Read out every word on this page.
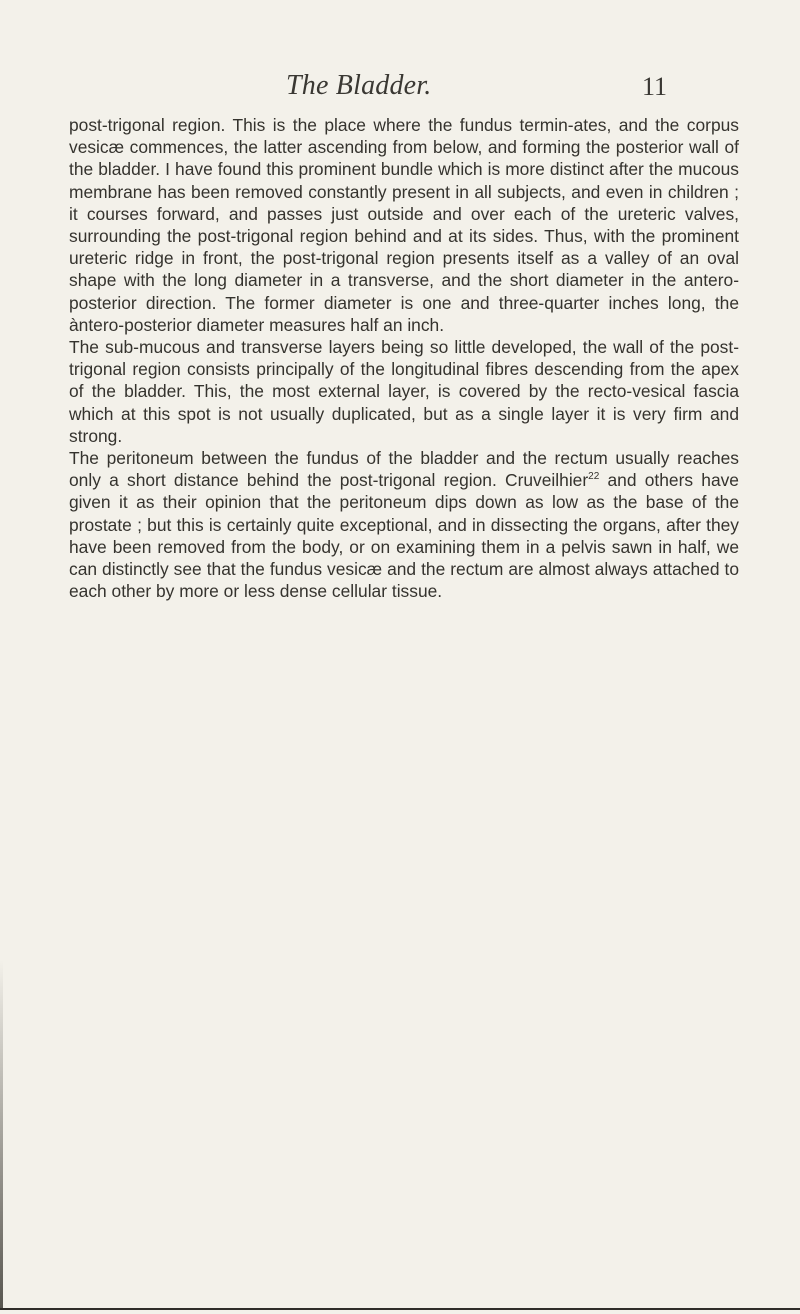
The Bladder.	11

post-trigonal region. This is the place where the fundus termin-ates, and the corpus vesicæ commences, the latter ascending from below, and forming the posterior wall of the bladder. I have found this prominent bundle which is more distinct after the mucous membrane has been removed constantly present in all subjects, and even in children ; it courses forward, and passes just outside and over each of the ureteric valves, surrounding the post-trigonal region behind and at its sides. Thus, with the prominent ureteric ridge in front, the post-trigonal region presents itself as a valley of an oval shape with the long diameter in a transverse, and the short diameter in the antero-posterior direction. The former diameter is one and three-quarter inches long, the àntero-posterior diameter measures half an inch.

The sub-mucous and transverse layers being so little developed, the wall of the post-trigonal region consists principally of the longitudinal fibres descending from the apex of the bladder. This, the most external layer, is covered by the recto-vesical fascia which at this spot is not usually duplicated, but as a single layer it is very firm and strong.

The peritoneum between the fundus of the bladder and the rectum usually reaches only a short distance behind the post-trigonal region. Cruveilhier$^{22}$ and others have given it as their opinion that the peritoneum dips down as low as the base of the prostate ; but this is certainly quite exceptional, and in dissecting the organs, after they have been removed from the body, or on examining them in a pelvis sawn in half, we can distinctly see that the fundus vesicæ and the rectum are almost always attached to each other by more or less dense cellular tissue.
